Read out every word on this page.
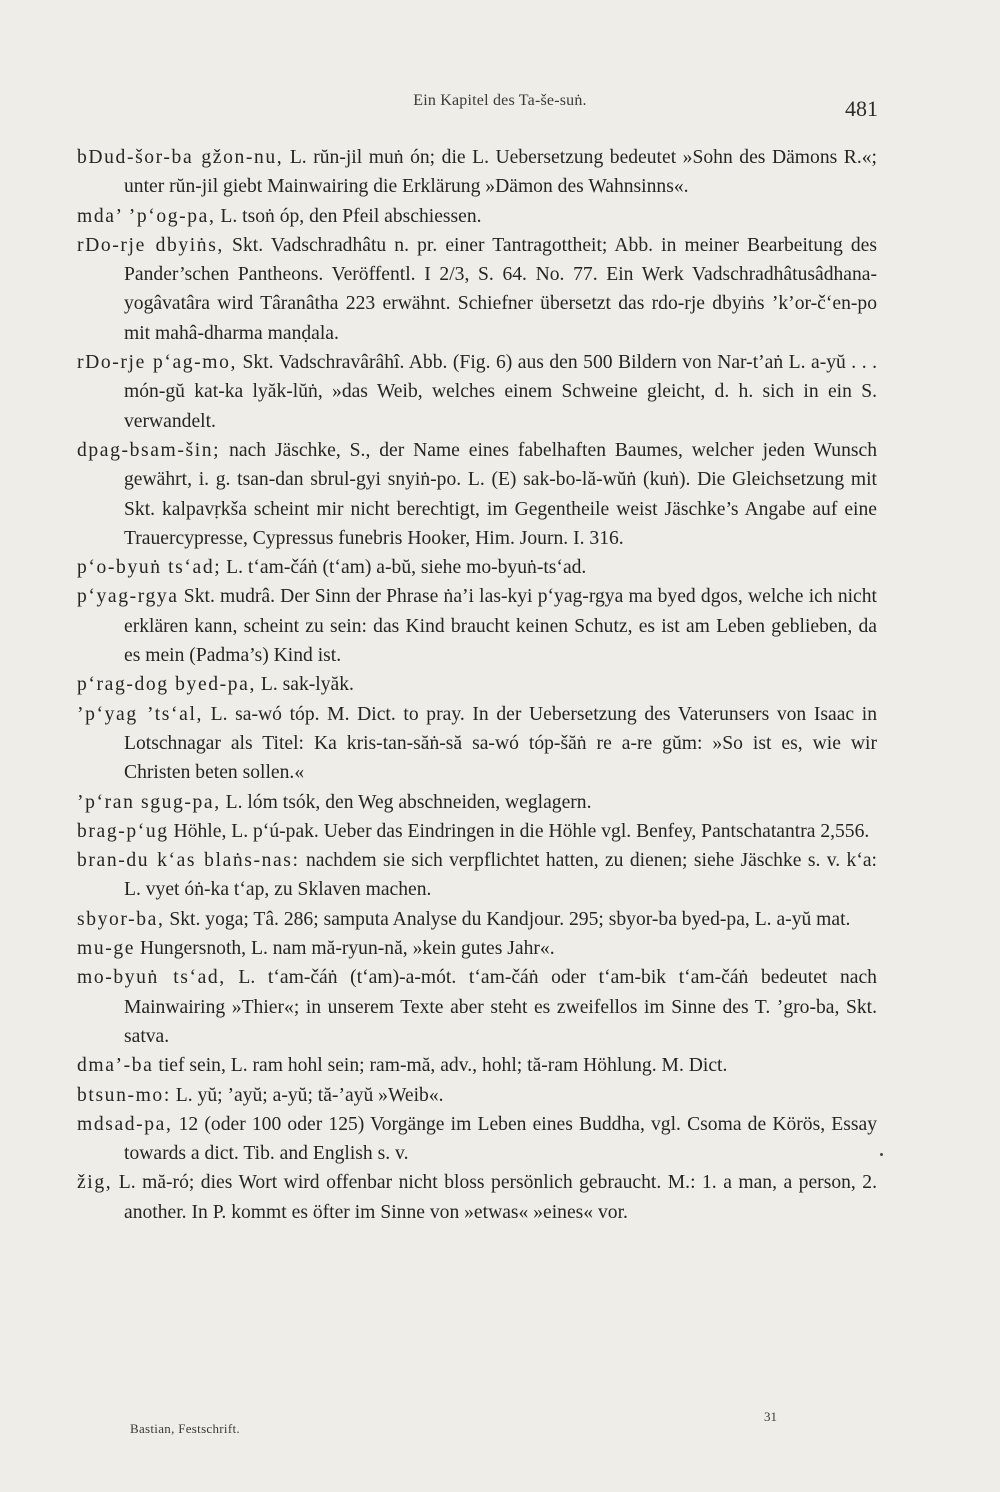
Ein Kapitel des Ta-še-suṅ.	481

bDud-šor-ba gžon-nu, L. rŭn-jil muṅ ón; die L. Uebersetzung bedeutet »Sohn des Dämons R.«; unter rŭn-jil giebt Mainwairing die Erklärung »Dämon des Wahnsinns«.

mda’ ’p‘og-pa, L. tsoṅ óp, den Pfeil abschiessen.

rDo-rje dbyiṅs, Skt. Vadschradhâtu n. pr. einer Tantragottheit; Abb. in meiner Bearbeitung des Pander’schen Pantheons. Veröffentl. I 2/3, S. 64. No. 77. Ein Werk Vadschradhâtusâdhana-yogâvatâra wird Târanâtha 223 erwähnt. Schiefner übersetzt das rdo-rje dbyiṅs ’k’or-č‘en-po mit mahâ-dharma manḍala.

rDo-rje p‘ag-mo, Skt. Vadschravârâhî. Abb. (Fig. 6) aus den 500 Bildern von Nar-t’aṅ L. a-yŭ . . . món-gŭ kat-ka lyăk-lŭṅ, »das Weib, welches einem Schweine gleicht, d. h. sich in ein S. verwandelt.

dpag-bsam-šin; nach Jäschke, S., der Name eines fabelhaften Baumes, welcher jeden Wunsch gewährt, i. g. tsan-dan sbrul-gyi snyiṅ-po. L. (E) sak-bo-lă-wŭṅ (kuṅ). Die Gleichsetzung mit Skt. kalpavṛkša scheint mir nicht berechtigt, im Gegentheile weist Jäschke’s Angabe auf eine Trauercypresse, Cypressus funebris Hooker, Him. Journ. I. 316.

p‘o-byuṅ ts‘ad; L. t‘am-čáṅ (t‘am) a-bŭ, siehe mo-byuṅ-ts‘ad.

p‘yag-rgya Skt. mudrâ. Der Sinn der Phrase ṅa’i las-kyi p‘yag-rgya ma byed dgos, welche ich nicht erklären kann, scheint zu sein: das Kind braucht keinen Schutz, es ist am Leben geblieben, da es mein (Padma’s) Kind ist.

p‘rag-dog byed-pa, L. sak-lyăk.

’p‘yag ’ts‘al, L. sa-wó tóp. M. Dict. to pray. In der Uebersetzung des Vaterunsers von Isaac in Lotschnagar als Titel: Ka kris-tan-săṅ-să sa-wó tóp-šăṅ re a-re gŭm: »So ist es, wie wir Christen beten sollen.«

’p‘ran sgug-pa, L. lóm tsók, den Weg abschneiden, weglagern.

brag-p‘ug Höhle, L. p‘ú-pak. Ueber das Eindringen in die Höhle vgl. Benfey, Pantschatantra 2,556.

bran-du k‘as blaṅs-nas: nachdem sie sich verpflichtet hatten, zu dienen; siehe Jäschke s. v. k‘a: L. vyet óṅ-ka t‘ap, zu Sklaven machen.

sbyor-ba, Skt. yoga; Tâ. 286; samputa Analyse du Kandjour. 295; sbyor-ba byed-pa, L. a-yŭ mat.

mu-ge Hungersnoth, L. nam mă-ryun-nă, »kein gutes Jahr«.

mo-byuṅ ts‘ad, L. t‘am-čáṅ (t‘am)-a-mót. t‘am-čáṅ oder t‘am-bik t‘am-čáṅ bedeutet nach Mainwairing »Thier«; in unserem Texte aber steht es zweifellos im Sinne des T. ’gro-ba, Skt. satva.

dma’-ba tief sein, L. ram hohl sein; ram-mă, adv., hohl; tă-ram Höhlung. M. Dict.

btsun-mo: L. yŭ; ’ayŭ; a-yŭ; tă-’ayŭ »Weib«.

mdsad-pa, 12 (oder 100 oder 125) Vorgänge im Leben eines Buddha, vgl. Csoma de Körös, Essay towards a dict. Tib. and English s. v.

žig, L. mă-ró; dies Wort wird offenbar nicht bloss persönlich gebraucht. M.: 1. a man, a person, 2. another. In P. kommt es öfter im Sinne von »etwas« »eines« vor.

Bastian, Festschrift.
31
